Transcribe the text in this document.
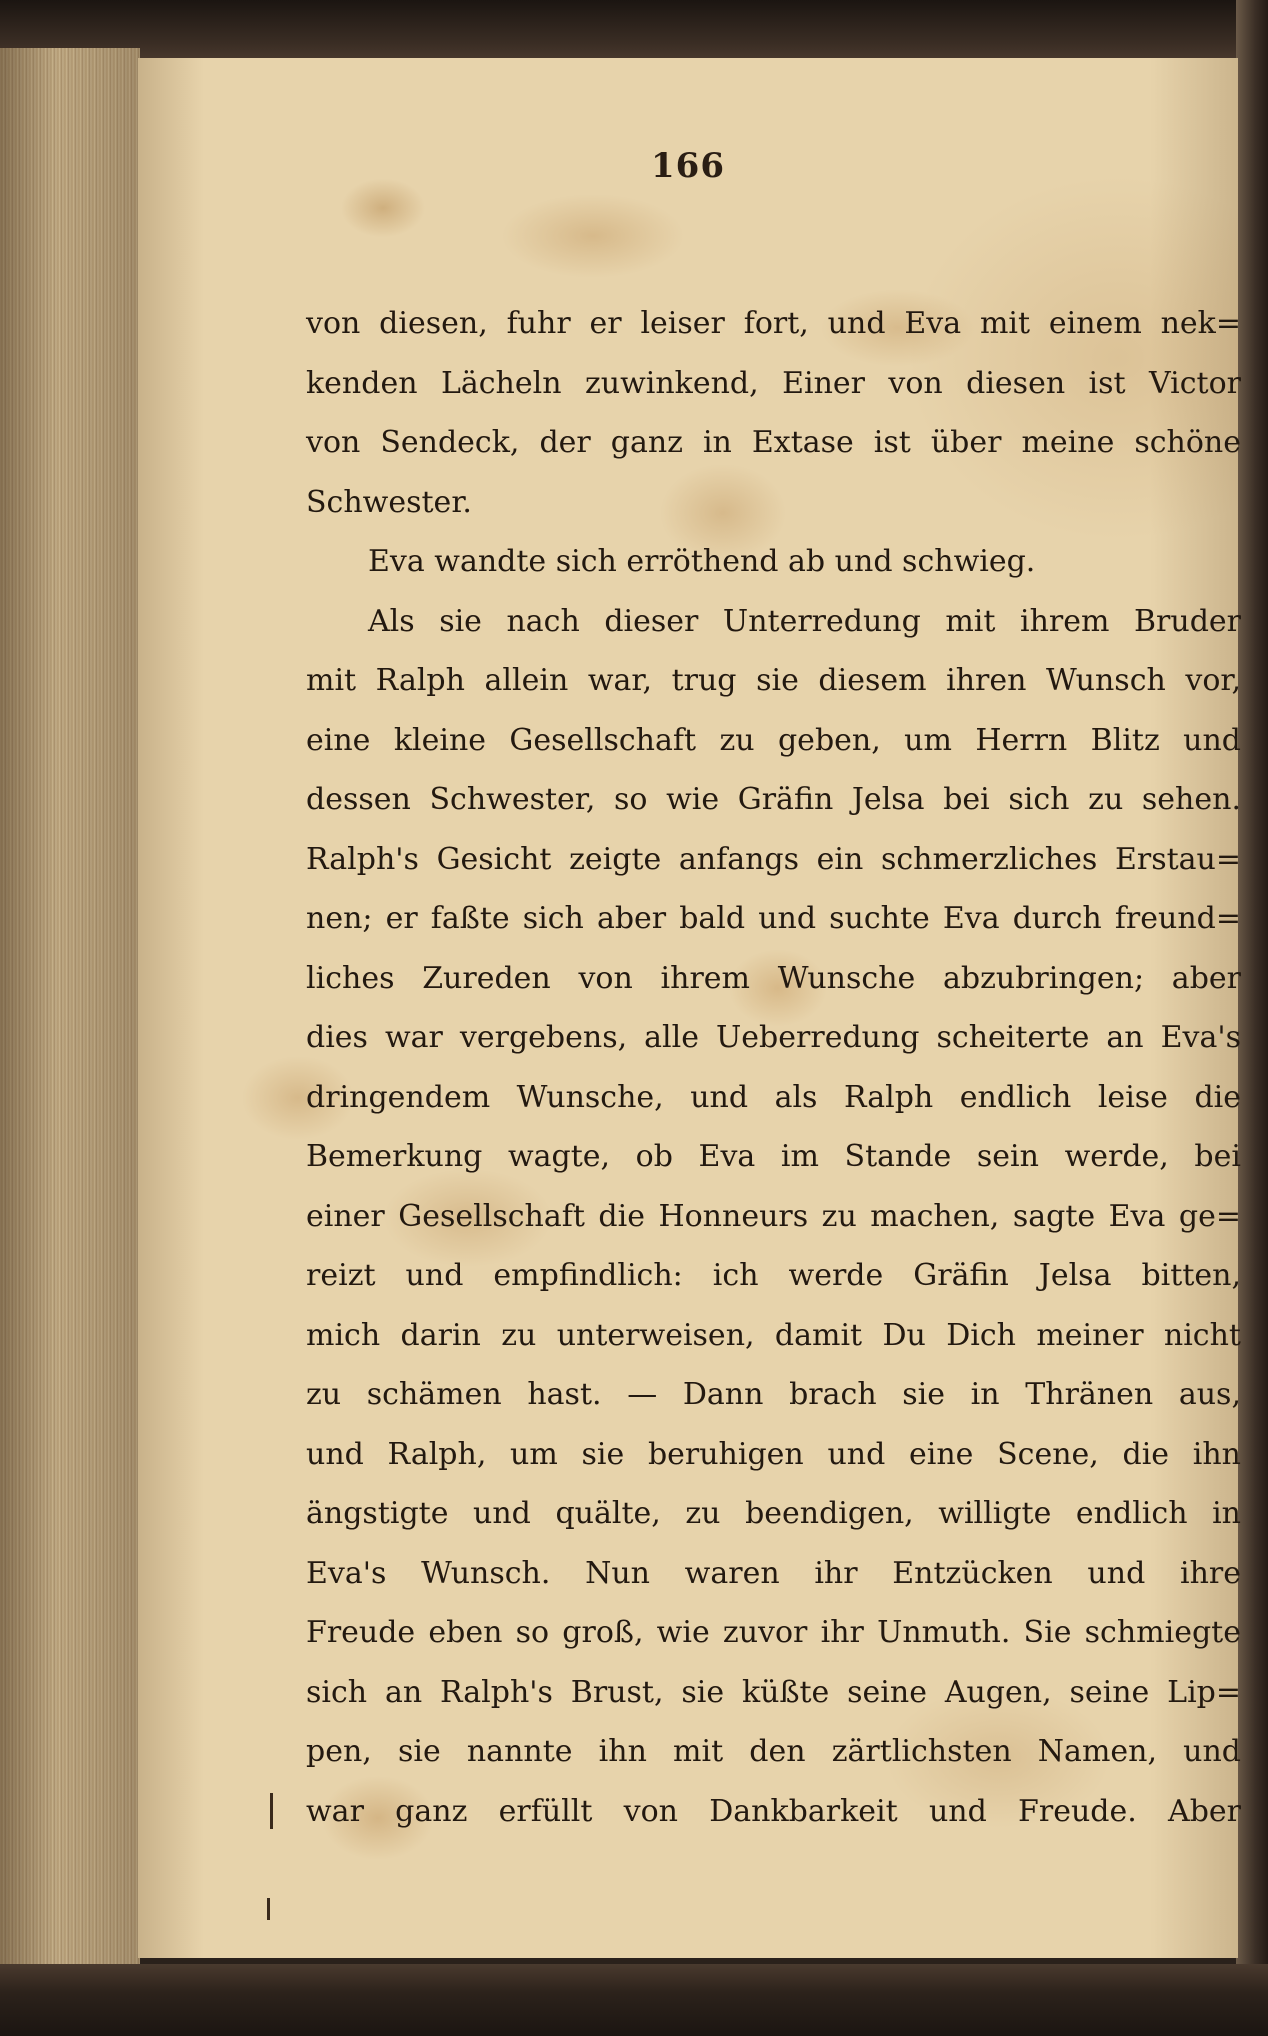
166
von diesen, fuhr er leiser fort, und Eva mit einem nek=
kenden Lächeln zuwinkend, Einer von diesen ist Victor
von Sendeck, der ganz in Extase ist über meine schöne
Schwester.
Eva wandte sich erröthend ab und schwieg.
Als sie nach dieser Unterredung mit ihrem Bruder
mit Ralph allein war, trug sie diesem ihren Wunsch vor,
eine kleine Gesellschaft zu geben, um Herrn Blitz und
dessen Schwester, so wie Gräfin Jelsa bei sich zu sehen.
Ralph's Gesicht zeigte anfangs ein schmerzliches Erstau=
nen; er faßte sich aber bald und suchte Eva durch freund=
liches Zureden von ihrem Wunsche abzubringen; aber
dies war vergebens, alle Ueberredung scheiterte an Eva's
dringendem Wunsche, und als Ralph endlich leise die
Bemerkung wagte, ob Eva im Stande sein werde, bei
einer Gesellschaft die Honneurs zu machen, sagte Eva ge=
reizt und empfindlich: ich werde Gräfin Jelsa bitten,
mich darin zu unterweisen, damit Du Dich meiner nicht
zu schämen hast. — Dann brach sie in Thränen aus,
und Ralph, um sie beruhigen und eine Scene, die ihn
ängstigte und quälte, zu beendigen, willigte endlich in
Eva's Wunsch. Nun waren ihr Entzücken und ihre
Freude eben so groß, wie zuvor ihr Unmuth. Sie schmiegte
sich an Ralph's Brust, sie küßte seine Augen, seine Lip=
pen, sie nannte ihn mit den zärtlichsten Namen, und
war ganz erfüllt von Dankbarkeit und Freude. Aber
